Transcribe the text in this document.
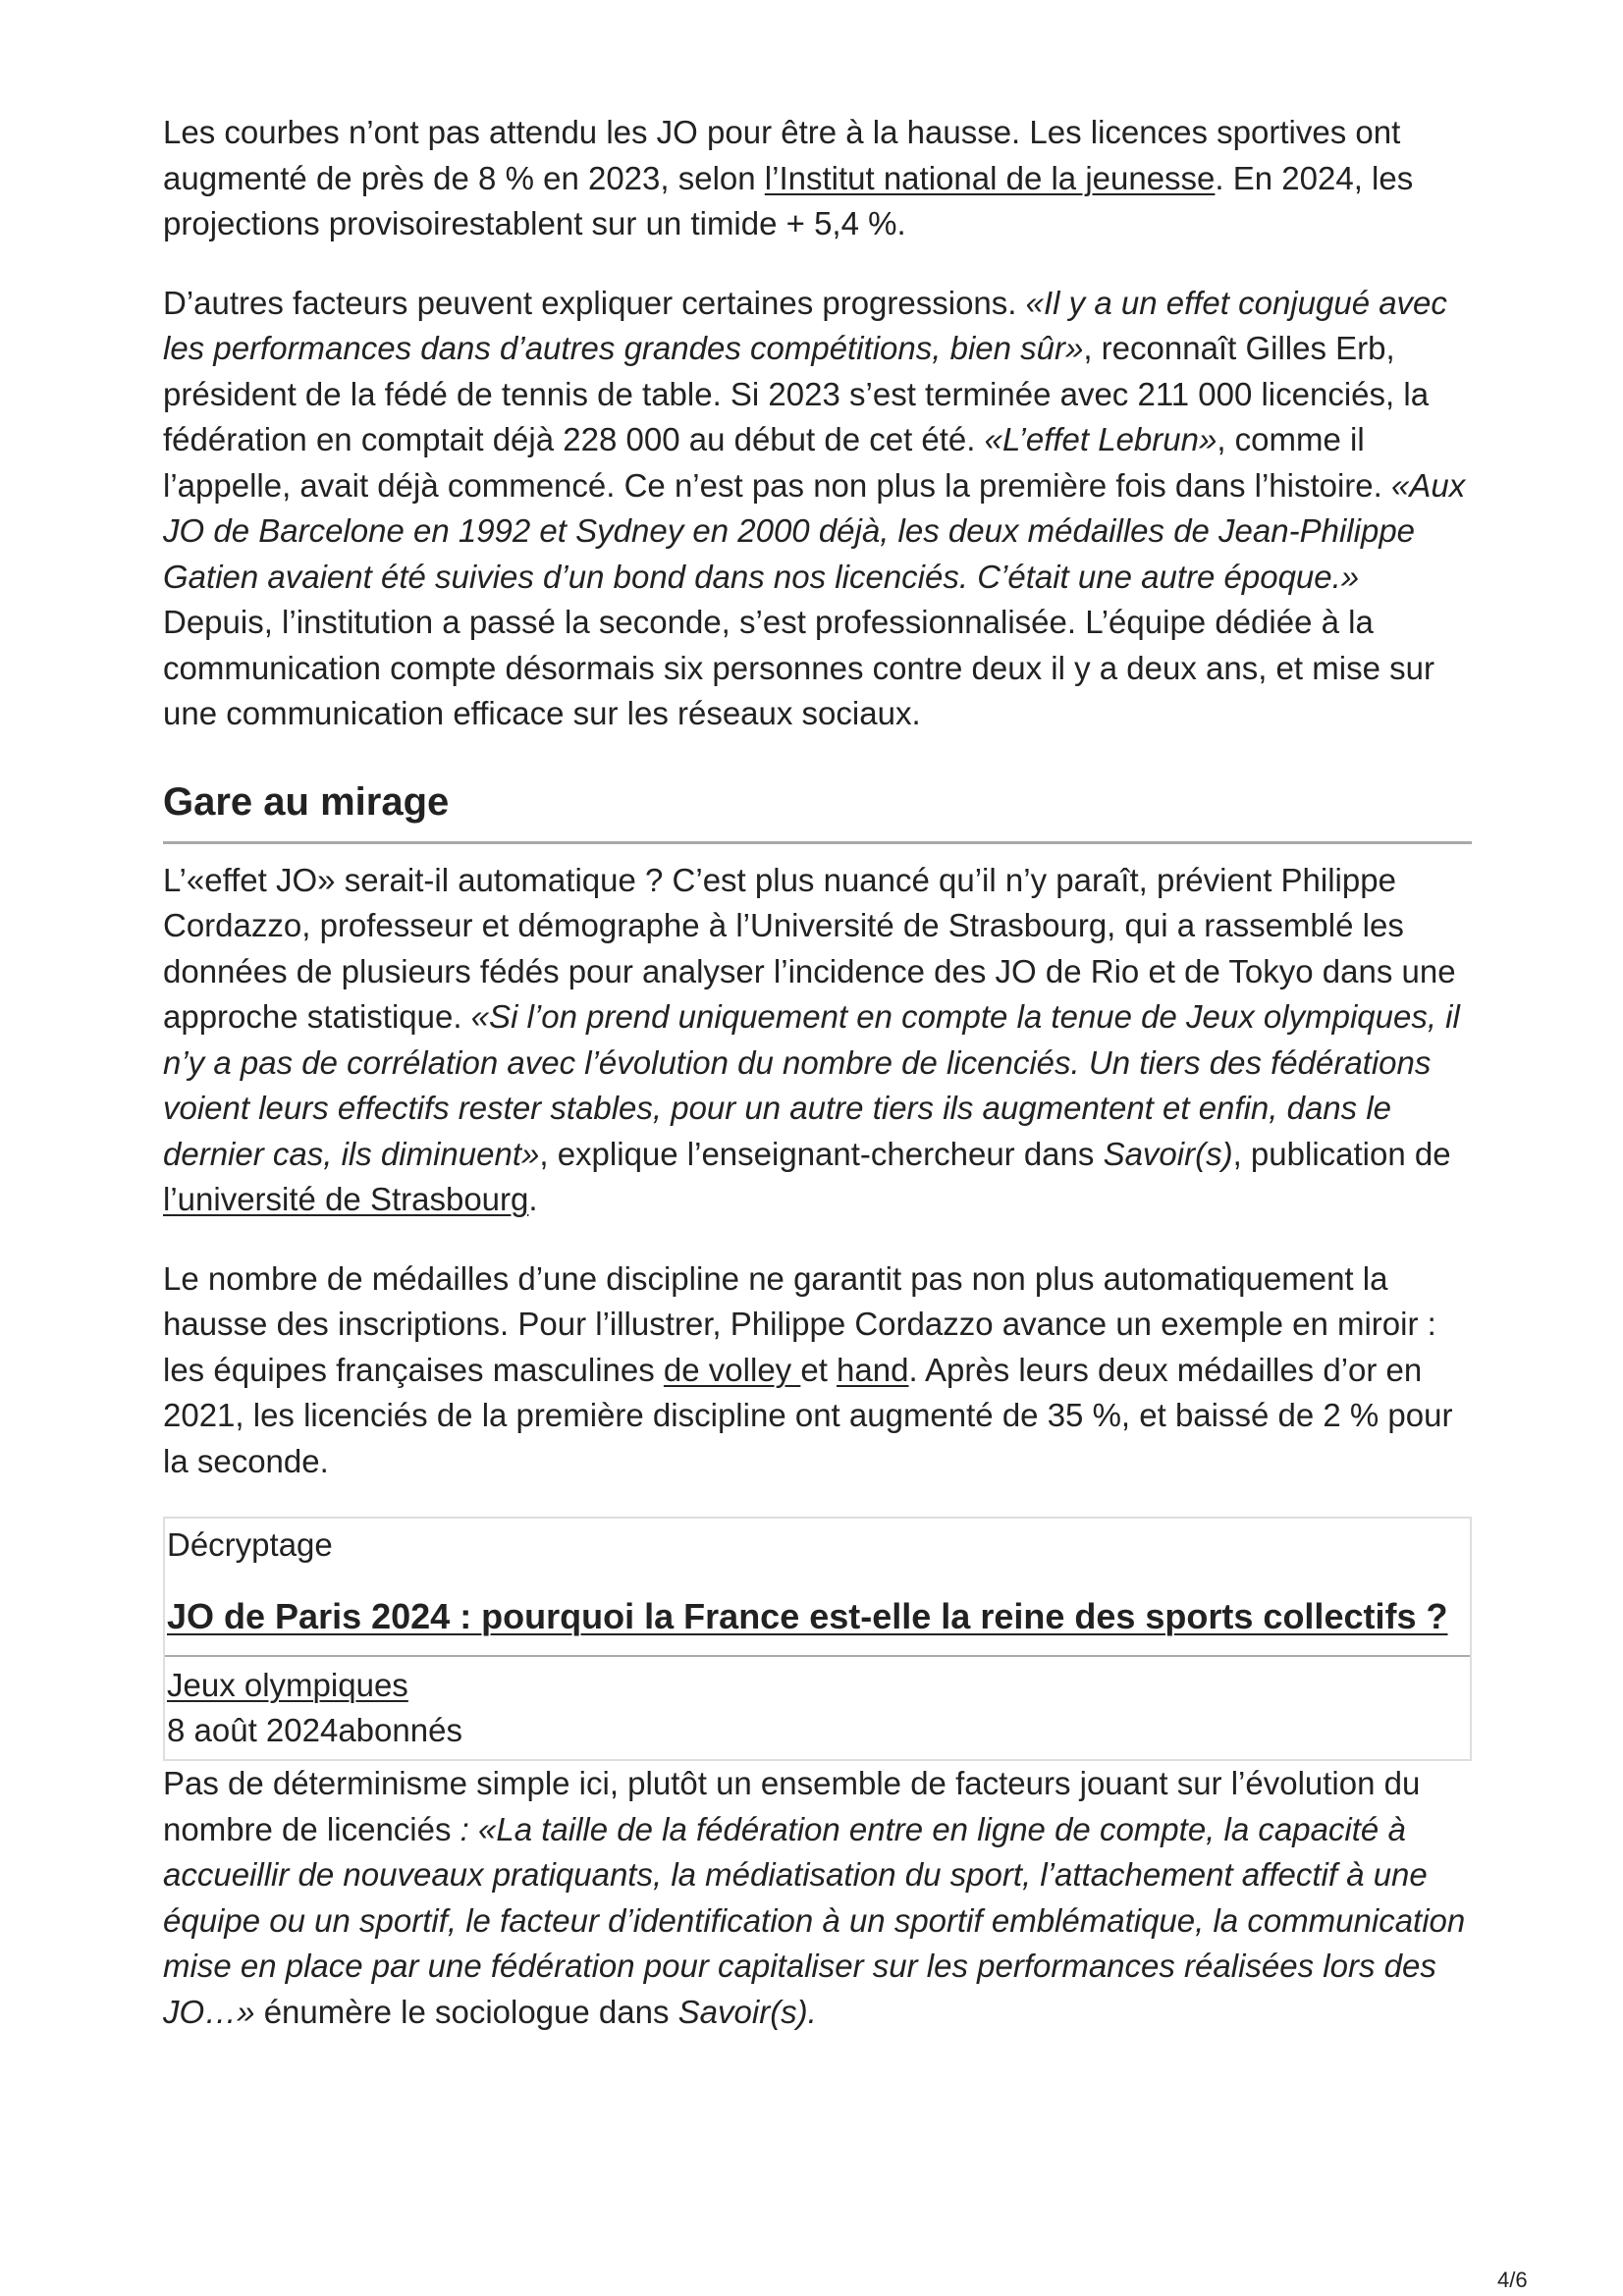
Les courbes n’ont pas attendu les JO pour être à la hausse. Les licences sportives ont augmenté de près de 8 % en 2023, selon l’Institut national de la jeunesse. En 2024, les projections provisoirestablent sur un timide + 5,4 %.

D’autres facteurs peuvent expliquer certaines progressions. «Il y a un effet conjugué avec les performances dans d’autres grandes compétitions, bien sûr», reconnaît Gilles Erb, président de la fédé de tennis de table. Si 2023 s’est terminée avec 211 000 licenciés, la fédération en comptait déjà 228 000 au début de cet été. «L’effet Lebrun», comme il l’appelle, avait déjà commencé. Ce n’est pas non plus la première fois dans l’histoire. «Aux JO de Barcelone en 1992 et Sydney en 2000 déjà, les deux médailles de Jean-Philippe Gatien avaient été suivies d’un bond dans nos licenciés. C’était une autre époque.» Depuis, l’institution a passé la seconde, s’est professionnalisée. L’équipe dédiée à la communication compte désormais six personnes contre deux il y a deux ans, et mise sur une communication efficace sur les réseaux sociaux.

Gare au mirage

L’«effet JO» serait-il automatique ? C’est plus nuancé qu’il n’y paraît, prévient Philippe Cordazzo, professeur et démographe à l’Université de Strasbourg, qui a rassemblé les données de plusieurs fédés pour analyser l’incidence des JO de Rio et de Tokyo dans une approche statistique. «Si l’on prend uniquement en compte la tenue de Jeux olympiques, il n’y a pas de corrélation avec l’évolution du nombre de licenciés. Un tiers des fédérations voient leurs effectifs rester stables, pour un autre tiers ils augmentent et enfin, dans le dernier cas, ils diminuent», explique l’enseignant-chercheur dans Savoir(s), publication de l’université de Strasbourg.

Le nombre de médailles d’une discipline ne garantit pas non plus automatiquement la hausse des inscriptions. Pour l’illustrer, Philippe Cordazzo avance un exemple en miroir : les équipes françaises masculines de volley et hand. Après leurs deux médailles d’or en 2021, les licenciés de la première discipline ont augmenté de 35 %, et baissé de 2 % pour la seconde.

Décryptage
JO de Paris 2024 : pourquoi la France est-elle la reine des sports collectifs ?
Jeux olympiques
8 août 2024abonnés

Pas de déterminisme simple ici, plutôt un ensemble de facteurs jouant sur l’évolution du nombre de licenciés : «La taille de la fédération entre en ligne de compte, la capacité à accueillir de nouveaux pratiquants, la médiatisation du sport, l’attachement affectif à une équipe ou un sportif, le facteur d’identification à un sportif emblématique, la communication mise en place par une fédération pour capitaliser sur les performances réalisées lors des JO…» énumère le sociologue dans Savoir(s).

4/6
